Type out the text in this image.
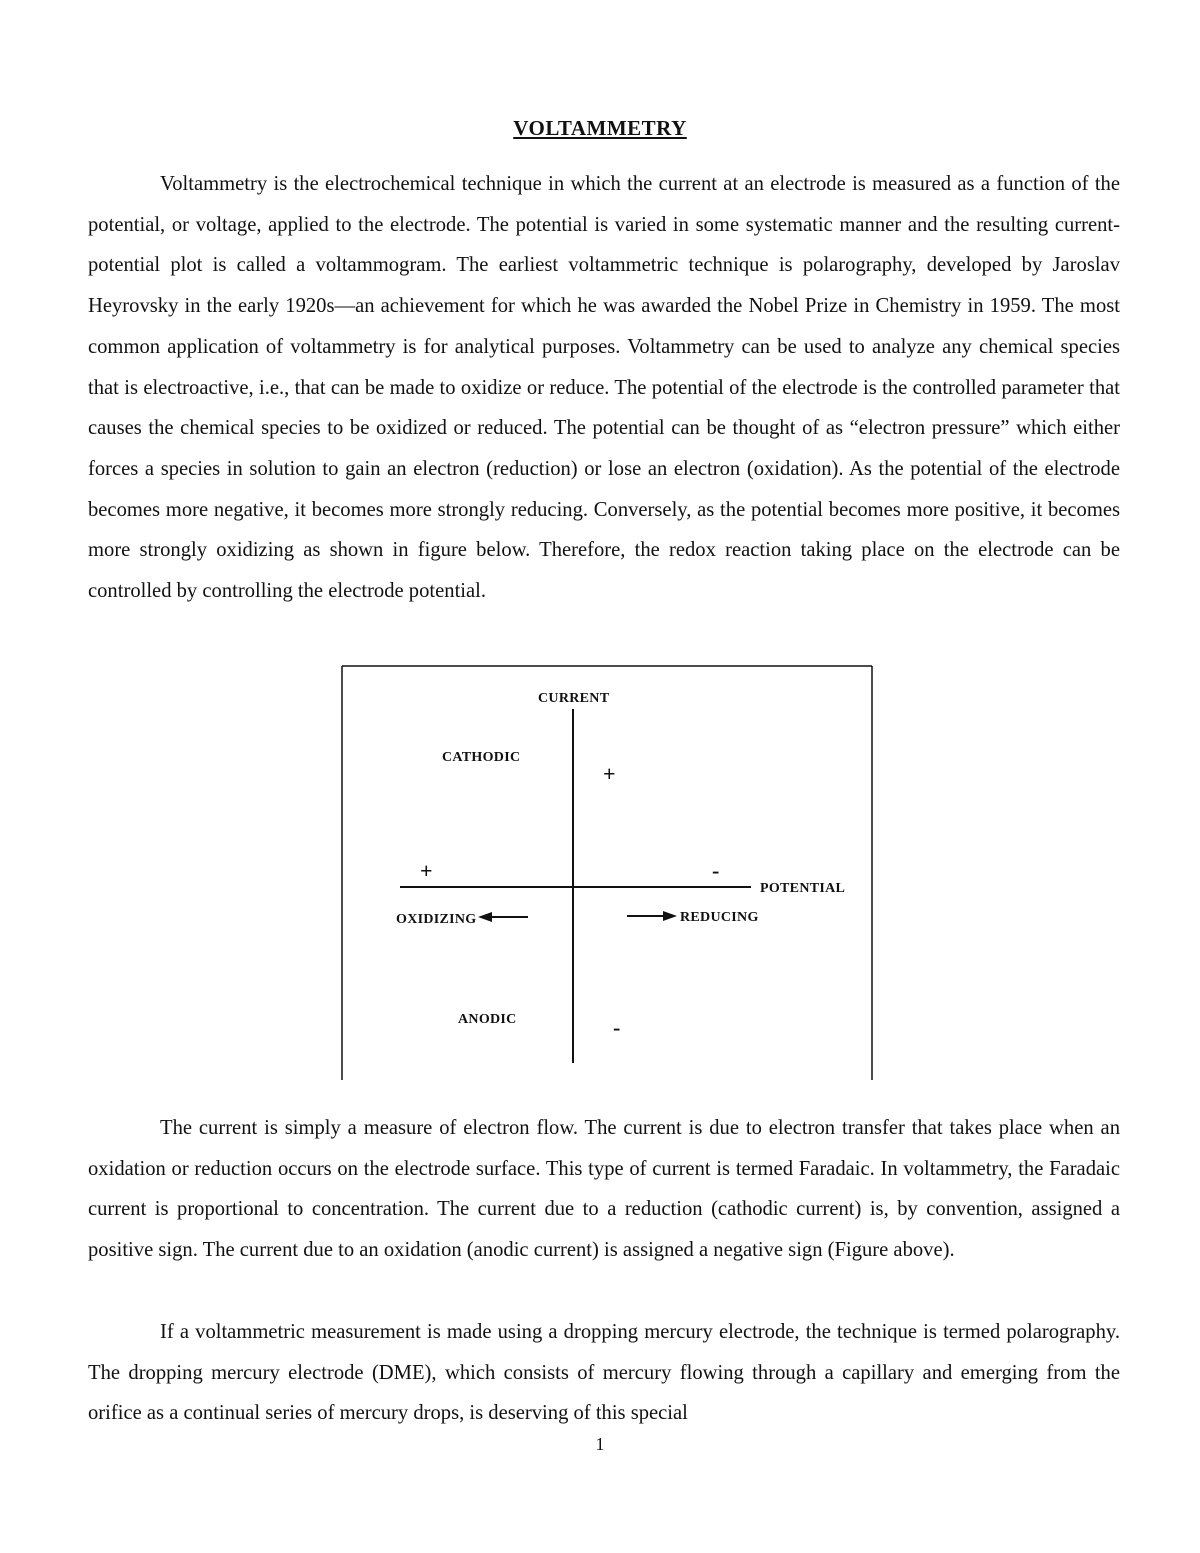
VOLTAMMETRY

Voltammetry is the electrochemical technique in which the current at an electrode is measured as a function of the potential, or voltage, applied to the electrode. The potential is varied in some systematic manner and the resulting current-potential plot is called a voltammogram. The earliest voltammetric technique is polarography, developed by Jaroslav Heyrovsky in the early 1920s—an achievement for which he was awarded the Nobel Prize in Chemistry in 1959. The most common application of voltammetry is for analytical purposes. Voltammetry can be used to analyze any chemical species that is electroactive, i.e., that can be made to oxidize or reduce. The potential of the electrode is the controlled parameter that causes the chemical species to be oxidized or reduced. The potential can be thought of as “electron pressure” which either forces a species in solution to gain an electron (reduction) or lose an electron (oxidation). As the potential of the electrode becomes more negative, it becomes more strongly reducing. Conversely, as the potential becomes more positive, it becomes more strongly oxidizing as shown in figure below. Therefore, the redox reaction taking place on the electrode can be controlled by controlling the electrode potential.

CURRENT
POTENTIAL
CATHODIC
ANODIC
OXIDIZING	REDUCING
+
+	-
-

The current is simply a measure of electron flow. The current is due to electron transfer that takes place when an oxidation or reduction occurs on the electrode surface. This type of current is termed Faradaic. In voltammetry, the Faradaic current is proportional to concentration. The current due to a reduction (cathodic current) is, by convention, assigned a positive sign. The current due to an oxidation (anodic current) is assigned a negative sign (Figure above).

If a voltammetric measurement is made using a dropping mercury electrode, the technique is termed polarography. The dropping mercury electrode (DME), which consists of mercury flowing through a capillary and emerging from the orifice as a continual series of mercury drops, is deserving of this special

1
